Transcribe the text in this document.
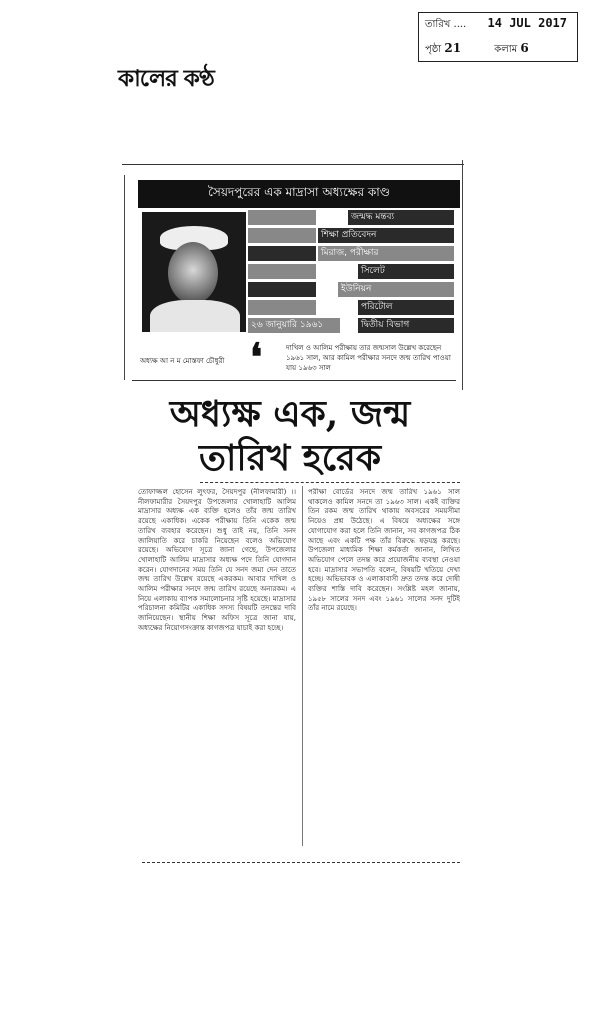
তারিখ .... 14 JUL 2017
পৃষ্ঠা 21	কলাম 6
কালের কণ্ঠ
সৈয়দপুরের এক মাদ্রাসা অধ্যক্ষের কাণ্ড
অধ্যক্ষ আ ন ম মোস্তফা চৌধুরী
জন্মদ্ধ মন্তব্য
শিক্ষা প্রতিবেদন
মিরাজ, পরীক্ষার
সিলেট
ইউনিয়ন
পরিটোল
২৬ জানুয়ারি ১৯৬১	দ্বিতীয় বিভাগ
❛	দাখিল ও আলিম পরীক্ষায় তার জন্মসাল উল্লেখ করেছেন ১৯৬১ সাল, আর কামিল পরীক্ষার সনদে জন্ম তারিখ পাওয়া যায় ১৯৬৩ সাল
অধ্যক্ষ এক, জন্ম
তারিখ হরেক

তোফাজ্জল হোসেন লুৎফর, সৈয়দপুর (নীলফামারী) ।। নীলফামারীর সৈয়দপুর উপজেলার খোলাহাটি আলিম মাদ্রাসার অধ্যক্ষ এক ব্যক্তি হলেও তাঁর জন্ম তারিখ রয়েছে একাধিক। একেক পরীক্ষায় তিনি একেক জন্ম তারিখ ব্যবহার করেছেন। শুধু তাই নয়, তিনি সনদ জালিয়াতি করে চাকরি নিয়েছেন বলেও অভিযোগ রয়েছে। অভিযোগ সূত্রে জানা গেছে, উপজেলার খোলাহাটি আলিম মাদ্রাসার অধ্যক্ষ পদে তিনি যোগদান করেন। যোগদানের সময় তিনি যে সনদ জমা দেন তাতে জন্ম তারিখ উল্লেখ রয়েছে একরকম। আবার দাখিল ও আলিম পরীক্ষার সনদে জন্ম তারিখ রয়েছে অন্যরকম। এ নিয়ে এলাকায় ব্যাপক সমালোচনার সৃষ্টি হয়েছে। মাদ্রাসার পরিচালনা কমিটির একাধিক সদস্য বিষয়টি তদন্তের দাবি জানিয়েছেন। স্থানীয় শিক্ষা অফিস সূত্রে জানা যায়, অধ্যক্ষের নিয়োগসংক্রান্ত কাগজপত্র যাচাই করা হচ্ছে।

পরীক্ষা বোর্ডের সনদে জন্ম তারিখ ১৯৬১ সাল থাকলেও কামিল সনদে তা ১৯৬৩ সাল। একই ব্যক্তির তিন রকম জন্ম তারিখ থাকায় অবসরের সময়সীমা নিয়েও প্রশ্ন উঠেছে। এ বিষয়ে অধ্যক্ষের সঙ্গে যোগাযোগ করা হলে তিনি জানান, সব কাগজপত্র ঠিক আছে এবং একটি পক্ষ তাঁর বিরুদ্ধে ষড়যন্ত্র করছে। উপজেলা মাধ্যমিক শিক্ষা কর্মকর্তা জানান, লিখিত অভিযোগ পেলে তদন্ত করে প্রয়োজনীয় ব্যবস্থা নেওয়া হবে। মাদ্রাসার সভাপতি বলেন, বিষয়টি খতিয়ে দেখা হচ্ছে। অভিভাবক ও এলাকাবাসী দ্রুত তদন্ত করে দোষী ব্যক্তির শাস্তি দাবি করেছেন। সংশ্লিষ্ট মহল জানায়, ১৯৫৮ সালের সনদ এবং ১৯৬১ সালের সনদ দুটিই তাঁর নামে রয়েছে।
